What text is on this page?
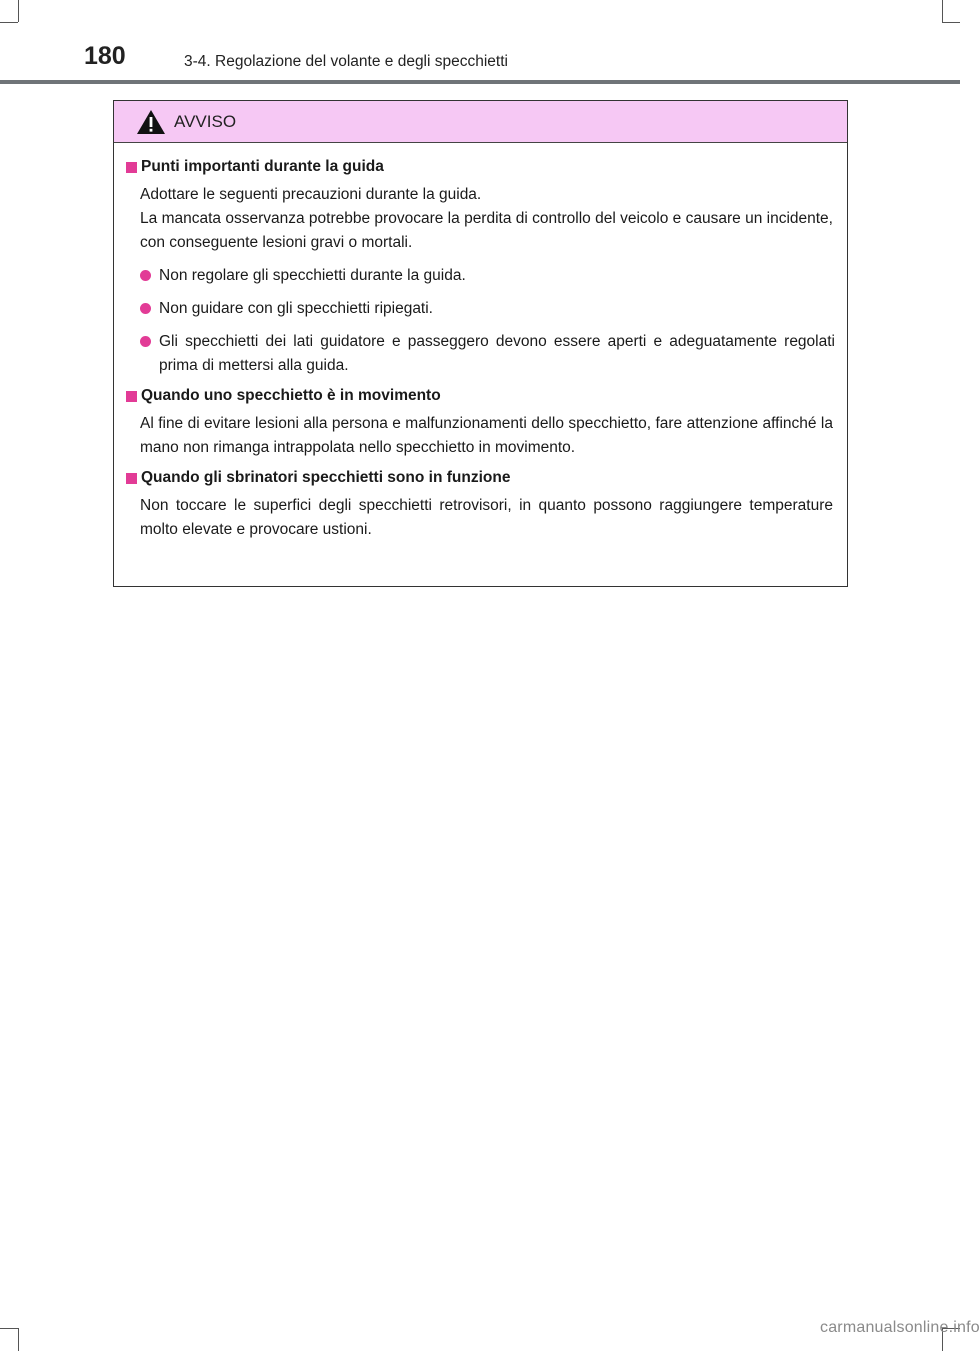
180	3-4. Regolazione del volante e degli specchietti
AVVISO
Punti importanti durante la guida

Adottare le seguenti precauzioni durante la guida.

La mancata osservanza potrebbe provocare la perdita di controllo del veicolo e causare un incidente, con conseguente lesioni gravi o mortali.

Non regolare gli specchietti durante la guida.
Non guidare con gli specchietti ripiegati.
Gli specchietti dei lati guidatore e passeggero devono essere aperti e adeguatamente regolati prima di mettersi alla guida.
Quando uno specchietto è in movimento

Al fine di evitare lesioni alla persona e malfunzionamenti dello specchietto, fare attenzione affinché la mano non rimanga intrappolata nello specchietto in movimento.

Quando gli sbrinatori specchietti sono in funzione

Non toccare le superfici degli specchietti retrovisori, in quanto possono raggiungere temperature molto elevate e provocare ustioni.

carmanualsonline.info
